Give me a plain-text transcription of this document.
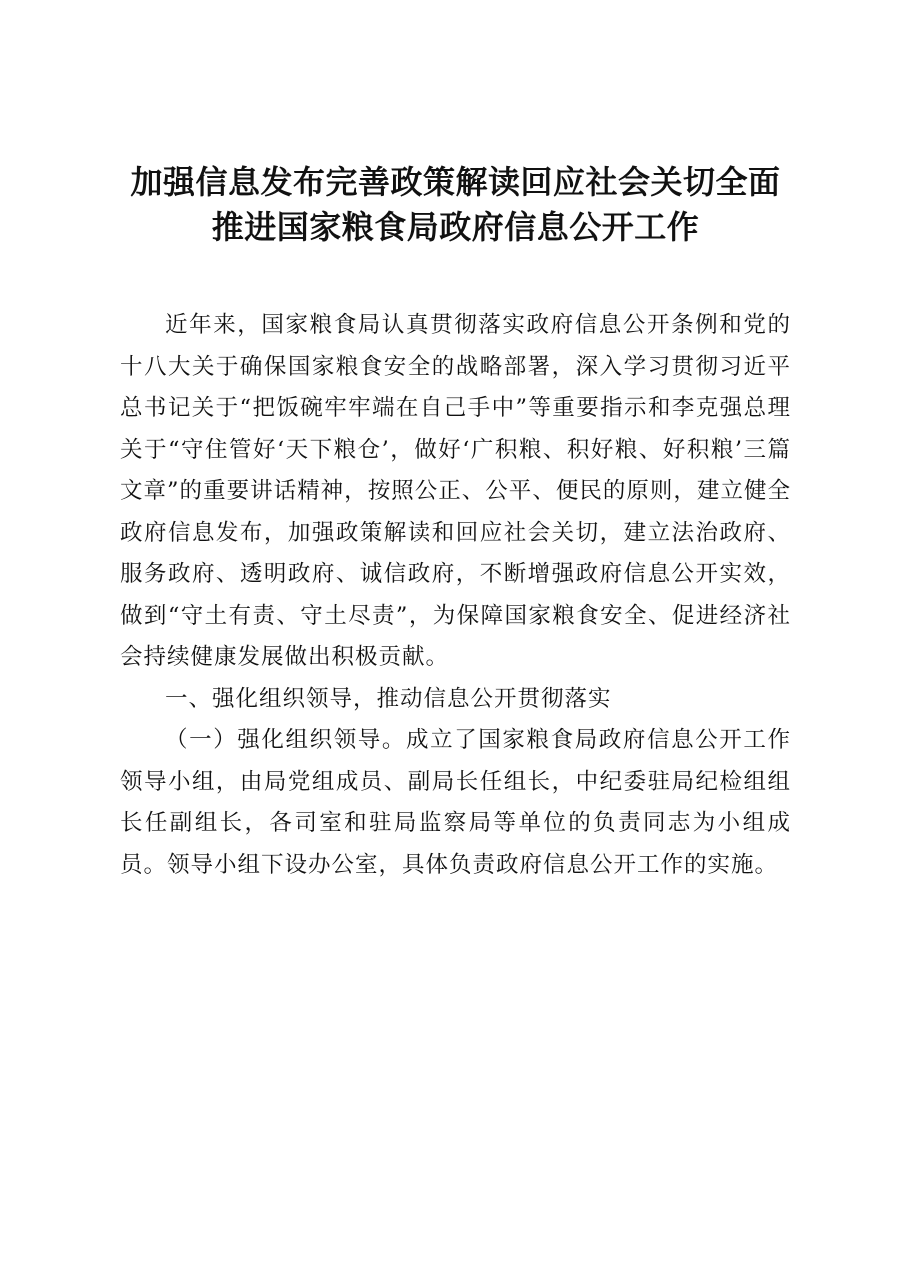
加强信息发布完善政策解读回应社会关切全面
推进国家粮食局政府信息公开工作

近年来，国家粮食局认真贯彻落实政府信息公开条例和党的十八大关于确保国家粮食安全的战略部署，深入学习贯彻习近平总书记关于“把饭碗牢牢端在自己手中”等重要指示和李克强总理关于“守住管好‘天下粮仓’，做好‘广积粮、积好粮、好积粮’三篇文章”的重要讲话精神，按照公正、公平、便民的原则，建立健全政府信息发布，加强政策解读和回应社会关切，建立法治政府、服务政府、透明政府、诚信政府，不断增强政府信息公开实效，做到“守土有责、守土尽责”，为保障国家粮食安全、促进经济社会持续健康发展做出积极贡献。

一、强化组织领导，推动信息公开贯彻落实

（一）强化组织领导。成立了国家粮食局政府信息公开工作领导小组，由局党组成员、副局长任组长，中纪委驻局纪检组组长任副组长，各司室和驻局监察局等单位的负责同志为小组成员。领导小组下设办公室，具体负责政府信息公开工作的实施。
